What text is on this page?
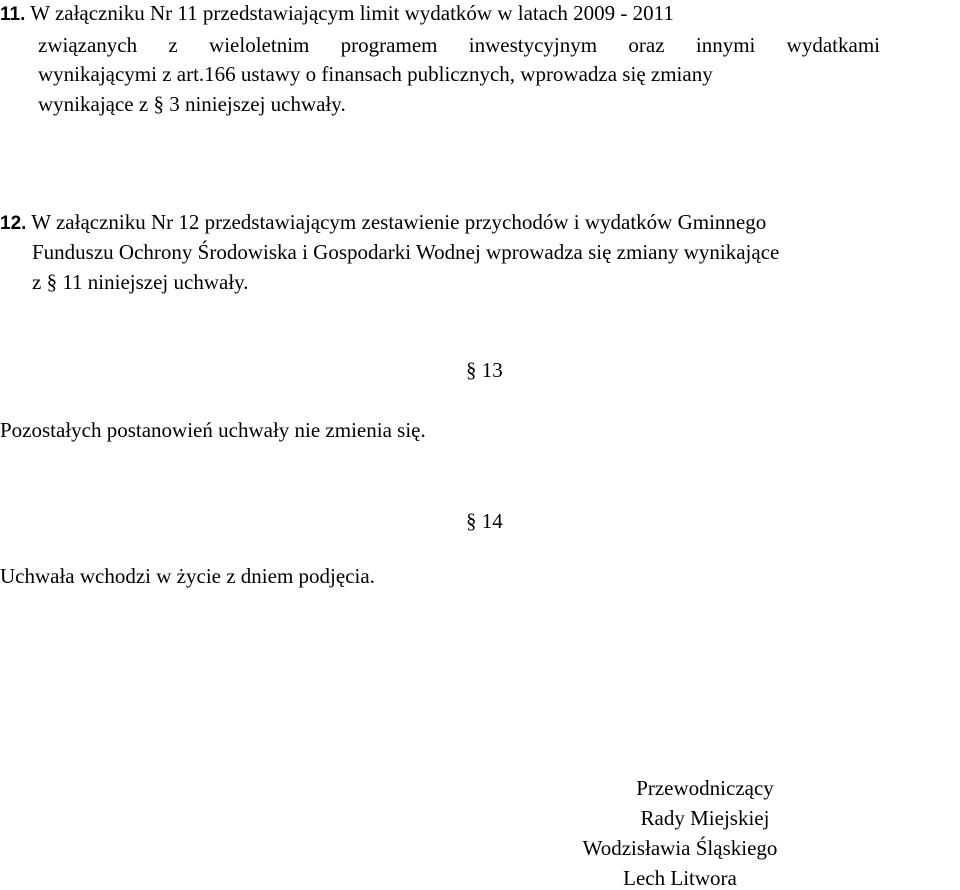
11. W załączniku Nr 11 przedstawiającym limit wydatków w latach 2009 - 2011
związanych z wieloletnim programem inwestycyjnym oraz innymi wydatkami
wynikającymi z art.166 ustawy o finansach publicznych, wprowadza się zmiany
wynikające z § 3 niniejszej uchwały.
12. W załączniku Nr 12 przedstawiającym zestawienie przychodów i wydatków Gminnego
Funduszu Ochrony Środowiska i Gospodarki Wodnej wprowadza się zmiany wynikające
z § 11 niniejszej uchwały.
§ 13
Pozostałych postanowień uchwały nie zmienia się.
§ 14
Uchwała wchodzi w życie z dniem podjęcia.
Przewodniczący
Rady Miejskiej
Wodzisławia Śląskiego
Lech Litwora
